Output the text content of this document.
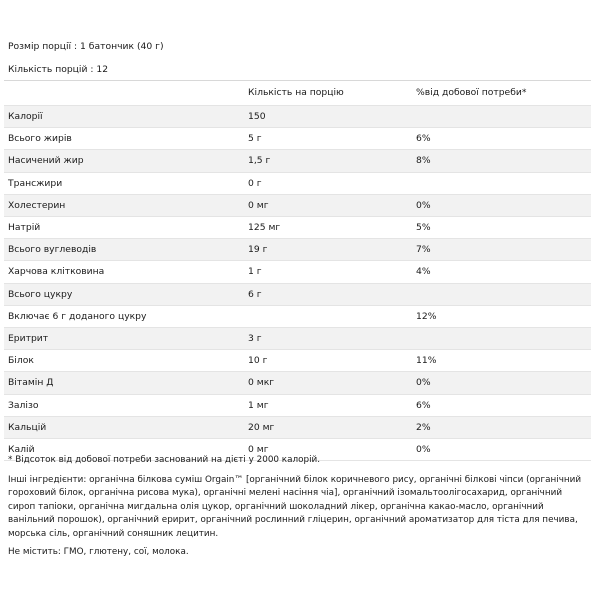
Розмір порції : 1 батончик (40 г)
Кількість порцій : 12
	Кількість на порцію	%від добової потреби*
Калорії	150	
Всього жирів	5 г	6%
Насичений жир	1,5 г	8%
Трансжири	0 г	
Холестерин	0 мг	0%
Натрій	125 мг	5%
Всього вуглеводів	19 г	7%
Харчова клітковина	1 г	4%
Всього цукру	6 г	
Включає 6 г доданого цукру		12%
Еритрит	3 г	
Білок	10 г	11%
Вітамін Д	0 мкг	0%
Залізо	1 мг	6%
Кальцій	20 мг	2%
Калій	0 мг	0%
* Відсоток від добової потреби заснований на дієті у 2000 калорій.
Інші інгредієнти: органічна білкова суміш Orgain™ [органічний білок коричневого рису, органічні білкові чіпси (органічний гороховий білок, органічна рисова мука), органічні мелені насіння чіа], органічний ізомальтоолігосахарид, органічний сироп тапіоки, органічна мигдальна олія цукор, органічний шоколадний лікер, органічна какао-масло, органічний ванільний порошок), органічний еририт, органічний рослинний гліцерин, органічний ароматизатор для тіста для печива, морська сіль, органічний соняшник лецитин.
Не містить: ГМО, глютену, сої, молока.
